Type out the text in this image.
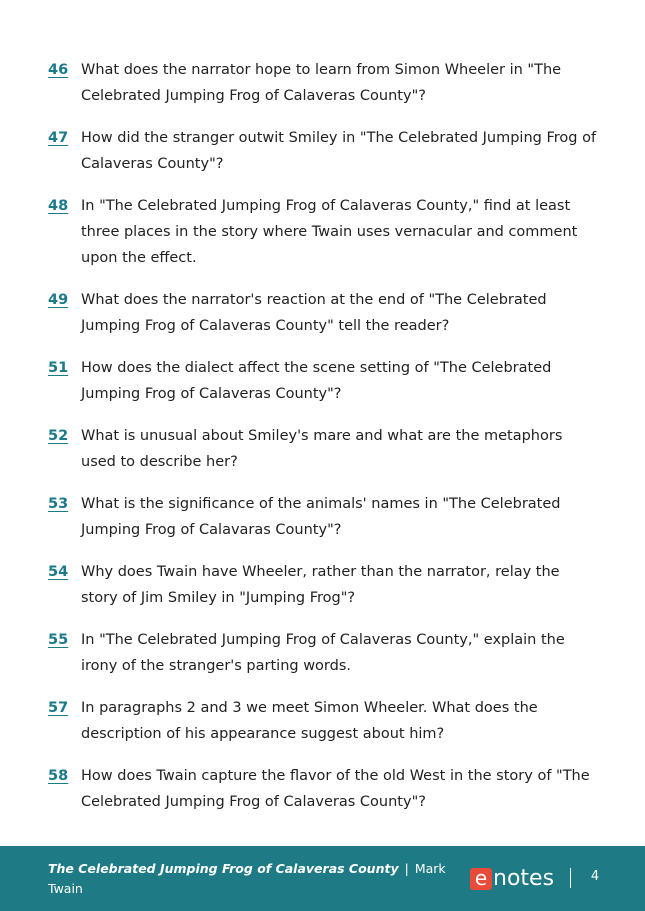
46 What does the narrator hope to learn from Simon Wheeler in "The Celebrated Jumping Frog of Calaveras County"?
47 How did the stranger outwit Smiley in "The Celebrated Jumping Frog of Calaveras County"?
48 In "The Celebrated Jumping Frog of Calaveras County," find at least three places in the story where Twain uses vernacular and comment upon the effect.
49 What does the narrator's reaction at the end of "The Celebrated Jumping Frog of Calaveras County" tell the reader?
51 How does the dialect affect the scene setting of "The Celebrated Jumping Frog of Calaveras County"?
52 What is unusual about Smiley's mare and what are the metaphors used to describe her?
53 What is the significance of the animals' names in "The Celebrated Jumping Frog of Calavaras County"?
54 Why does Twain have Wheeler, rather than the narrator, relay the story of Jim Smiley in "Jumping Frog"?
55 In "The Celebrated Jumping Frog of Calaveras County," explain the irony of the stranger's parting words.
57 In paragraphs 2 and 3 we meet Simon Wheeler. What does the description of his appearance suggest about him?
58 How does Twain capture the flavor of the old West in the story of "The Celebrated Jumping Frog of Calaveras County"?
The Celebrated Jumping Frog of Calaveras County | Mark Twain	e notes	4
